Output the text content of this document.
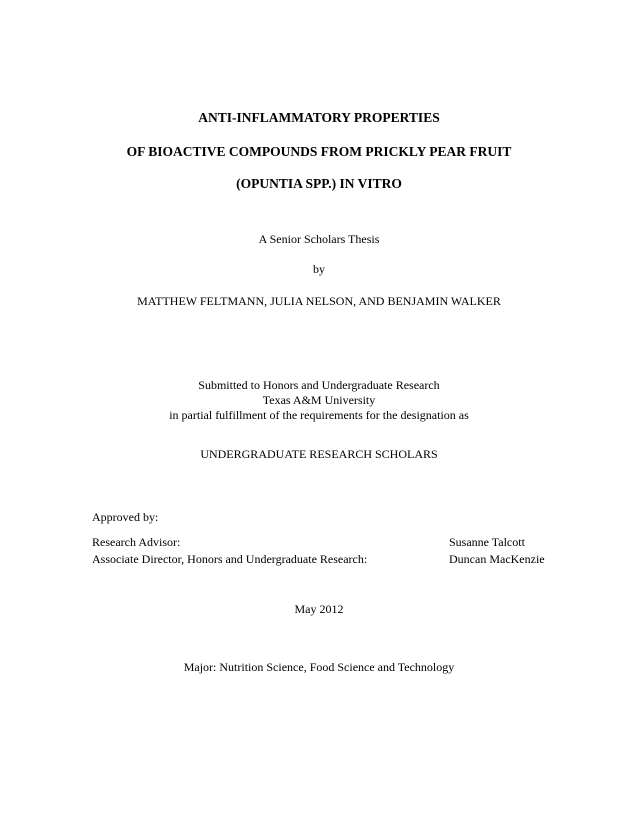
ANTI-INFLAMMATORY PROPERTIES
OF BIOACTIVE COMPOUNDS FROM PRICKLY PEAR FRUIT
(OPUNTIA SPP.) IN VITRO
A Senior Scholars Thesis
by
MATTHEW FELTMANN, JULIA NELSON, AND BENJAMIN WALKER
Submitted to Honors and Undergraduate Research
Texas A&M University
in partial fulfillment of the requirements for the designation as
UNDERGRADUATE RESEARCH SCHOLARS
Approved by:
Research Advisor:	Susanne Talcott
Associate Director, Honors and Undergraduate Research:	Duncan MacKenzie
May 2012
Major: Nutrition Science, Food Science and Technology
